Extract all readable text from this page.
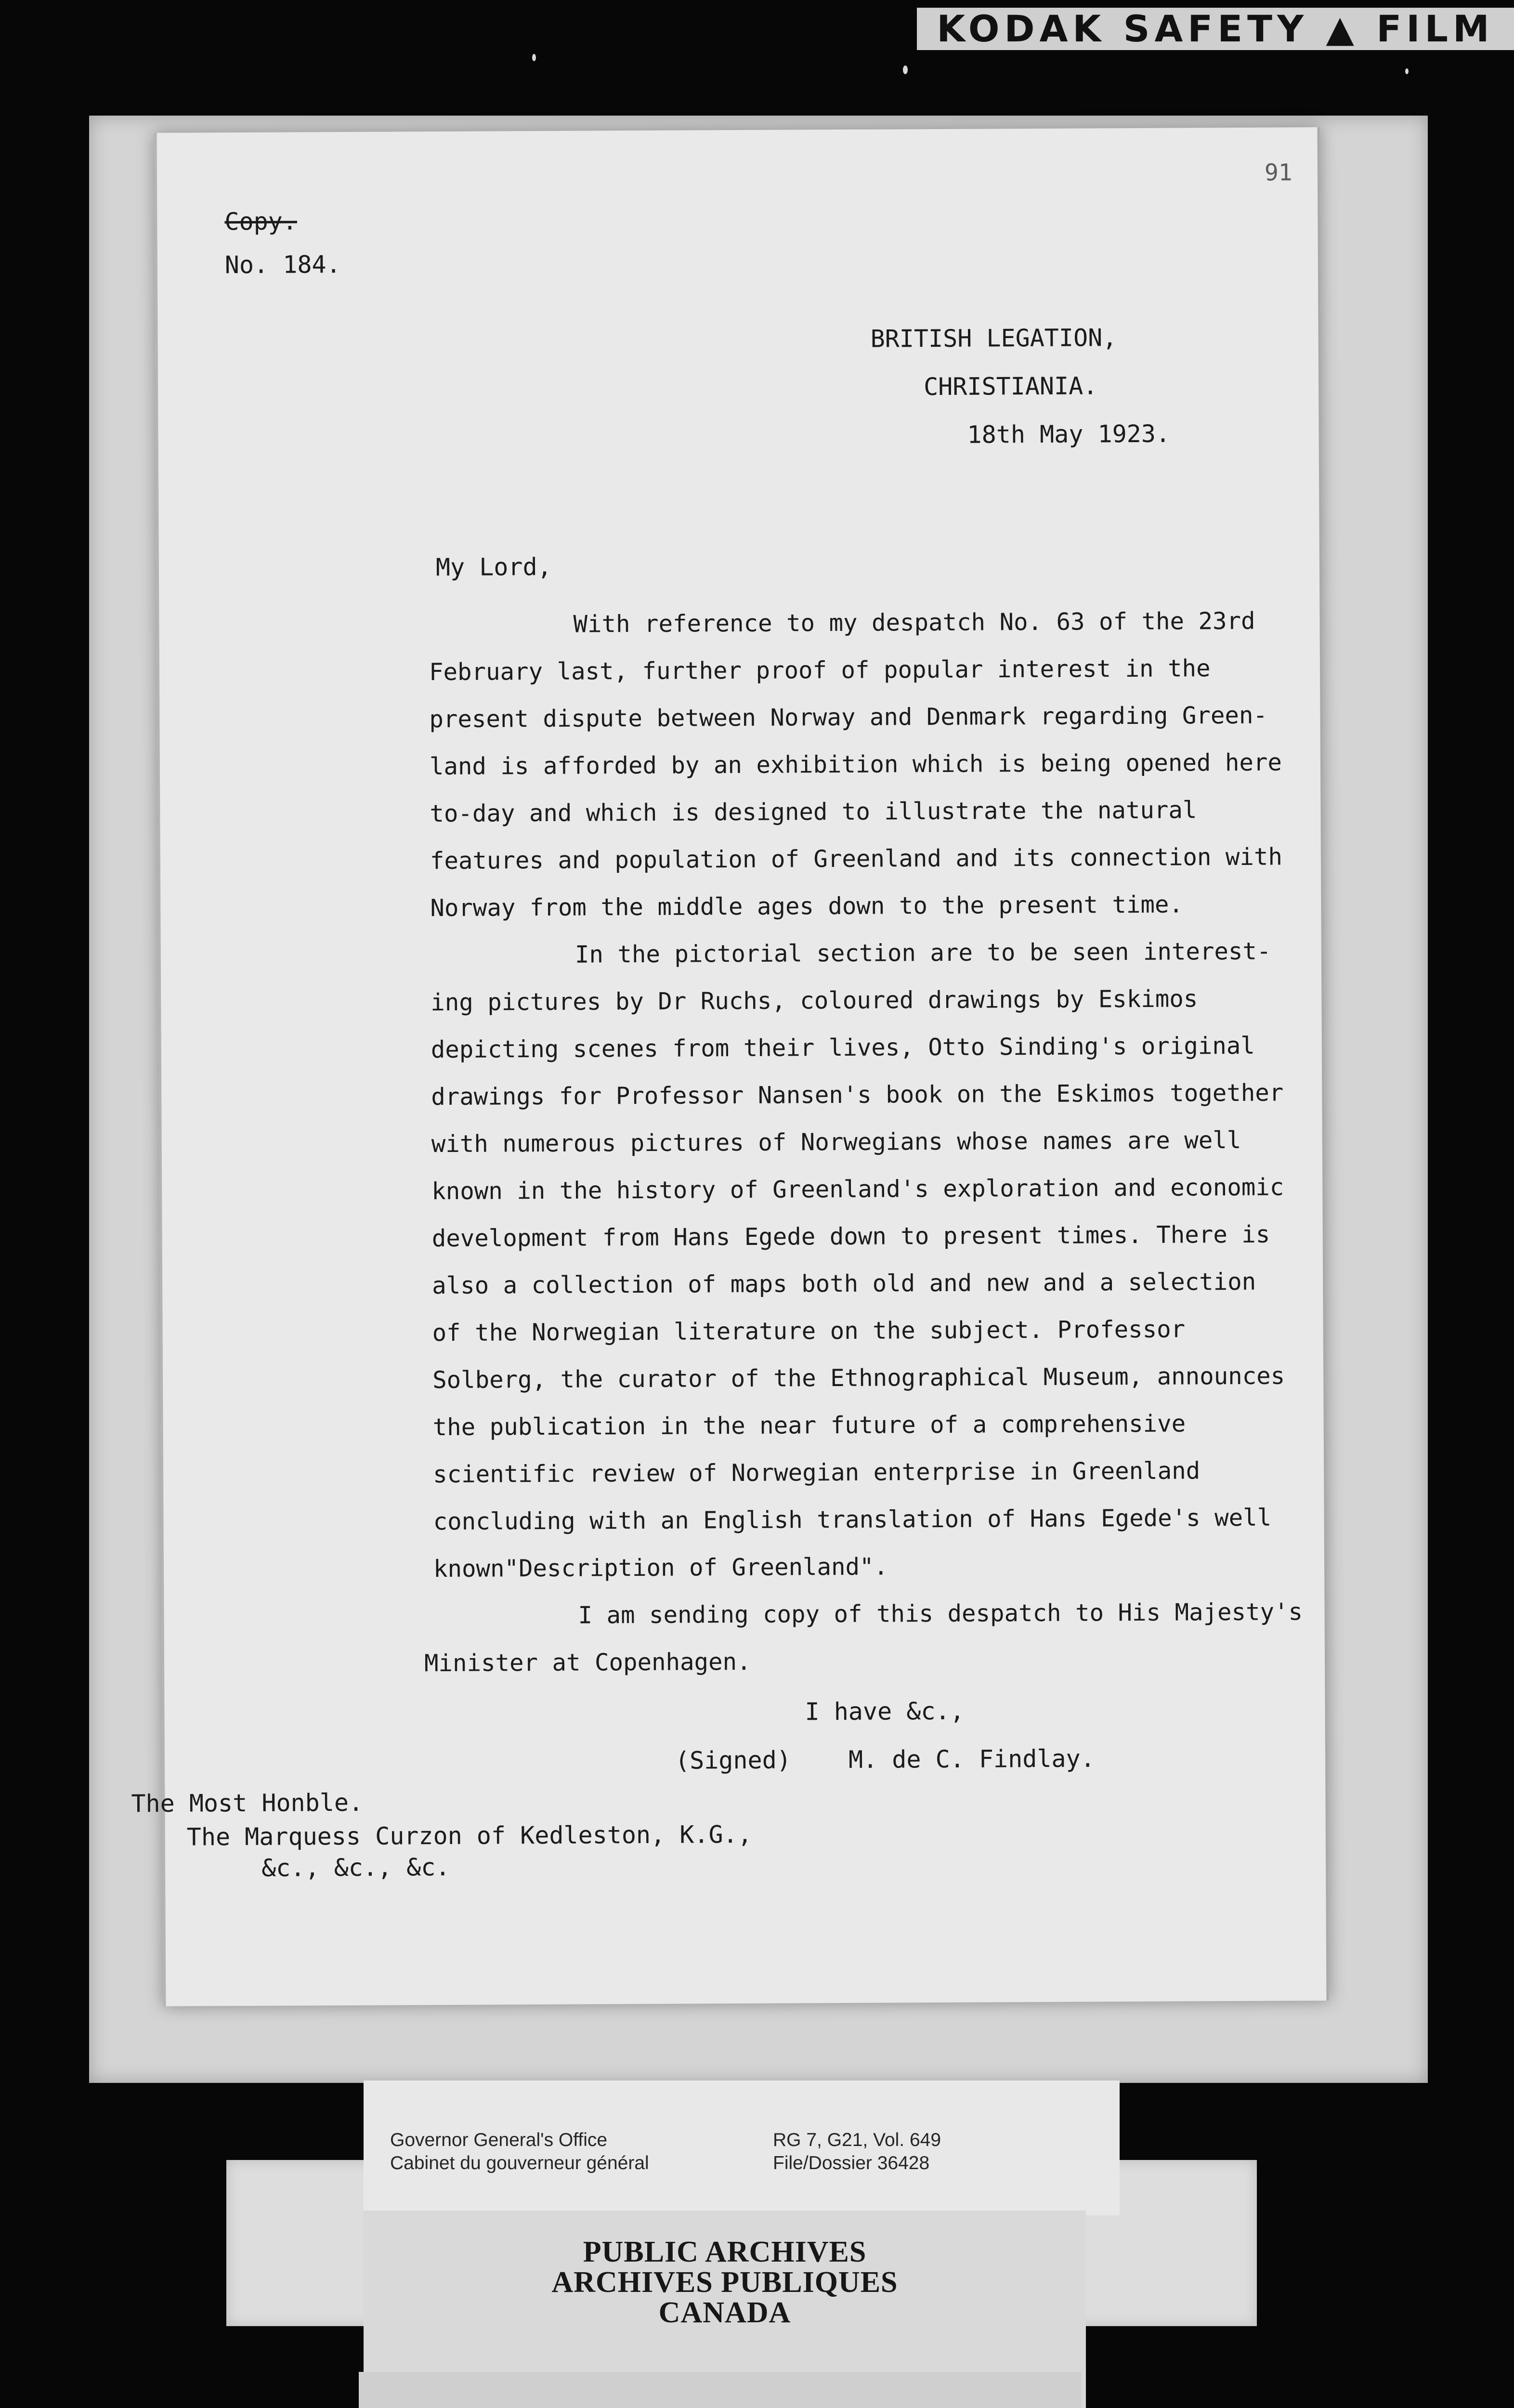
KODAK SAFETY ▲ FILM
91
Copy.
No. 184.
BRITISH LEGATION,
CHRISTIANIA.
18th May 1923.
My Lord,
With reference to my despatch No. 63 of the 23rd
February last, further proof of popular interest in the
present dispute between Norway and Denmark regarding Green-
land is afforded by an exhibition which is being opened here
to-day and which is designed to illustrate the natural
features and population of Greenland and its connection with
Norway from the middle ages down to the present time.
In the pictorial section are to be seen interest-
ing pictures by Dr Ruchs, coloured drawings by Eskimos
depicting scenes from their lives, Otto Sinding's original
drawings for Professor Nansen's book on the Eskimos together
with numerous pictures of Norwegians whose names are well
known in the history of Greenland's exploration and economic
development from Hans Egede down to present times. There is
also a collection of maps both old and new and a selection
of the Norwegian literature on the subject. Professor
Solberg, the curator of the Ethnographical Museum, announces
the publication in the near future of a comprehensive
scientific review of Norwegian enterprise in Greenland
concluding with an English translation of Hans Egede's well
known"Description of Greenland".
I am sending copy of this despatch to His Majesty's
Minister at Copenhagen.
I have &c.,
(Signed) M. de C. Findlay.
The Most Honble.
The Marquess Curzon of Kedleston, K.G.,
&c., &c., &c.
Governor General's Office
Cabinet du gouverneur général
RG 7, G21, Vol. 649
File/Dossier 36428
PUBLIC ARCHIVES
ARCHIVES PUBLIQUES
CANADA
